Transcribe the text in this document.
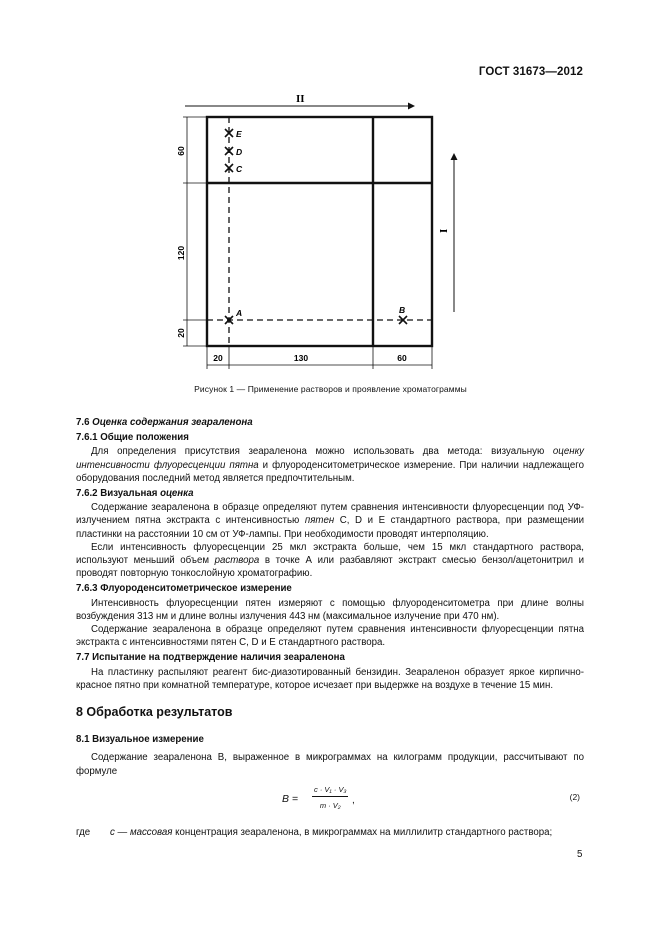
ГОСТ 31673—2012
II
I
60
120
20
20	130	60
E
D
C
A	B
Рисунок 1 — Применение растворов и проявление хроматограммы
7.6 Оценка содержания зеараленона
7.6.1 Общие положения

Для определения присутствия зеараленона можно использовать два метода: визуальную оценку интенсивности флуоресценции пятна и флуороденситометрическое измерение. При наличии надлежащего оборудования последний метод является предпочтительным.

7.6.2 Визуальная оценка

Содержание зеараленона в образце определяют путем сравнения интенсивности флуоресценции под УФ-излучением пятна экстракта с интенсивностью пятен C, D и E стандартного раствора, при размещении пластинки на расстоянии 10 см от УФ-лампы. При необходимости проводят интерполяцию.

Если интенсивность флуоресценции 25 мкл экстракта больше, чем 15 мкл стандартного раствора, используют меньший объем раствора в точке А или разбавляют экстракт смесью бензол/ацетонитрил и проводят повторную тонкослойную хроматографию.

7.6.3 Флуороденситометрическое измерение

Интенсивность флуоресценции пятен измеряют с помощью флуороденситометра при длине волны возбуждения 313 нм и длине волны излучения 443 нм (максимальное излучение при 470 нм).

Содержание зеараленона в образце определяют путем сравнения интенсивности флуоресценции пятна экстракта с интенсивностями пятен C, D и E стандартного раствора.

7.7 Испытание на подтверждение наличия зеараленона

На пластинку распыляют реагент бис-диазотированный бензидин. Зеараленон образует яркое кирпично-красное пятно при комнатной температуре, которое исчезает при выдержке на воздухе в течение 15 мин.

8 Обработка результатов
8.1 Визуальное измерение

Содержание зеараленона B, выраженное в микрограммах на килограмм продукции, рассчитывают по формуле

$B = \frac{\text{c · V₁ · V₃}}{\text{m · V₂}}$ ,	(2)
где c — массовая концентрация зеараленона, в микрограммах на миллилитр стандартного раствора;
5
